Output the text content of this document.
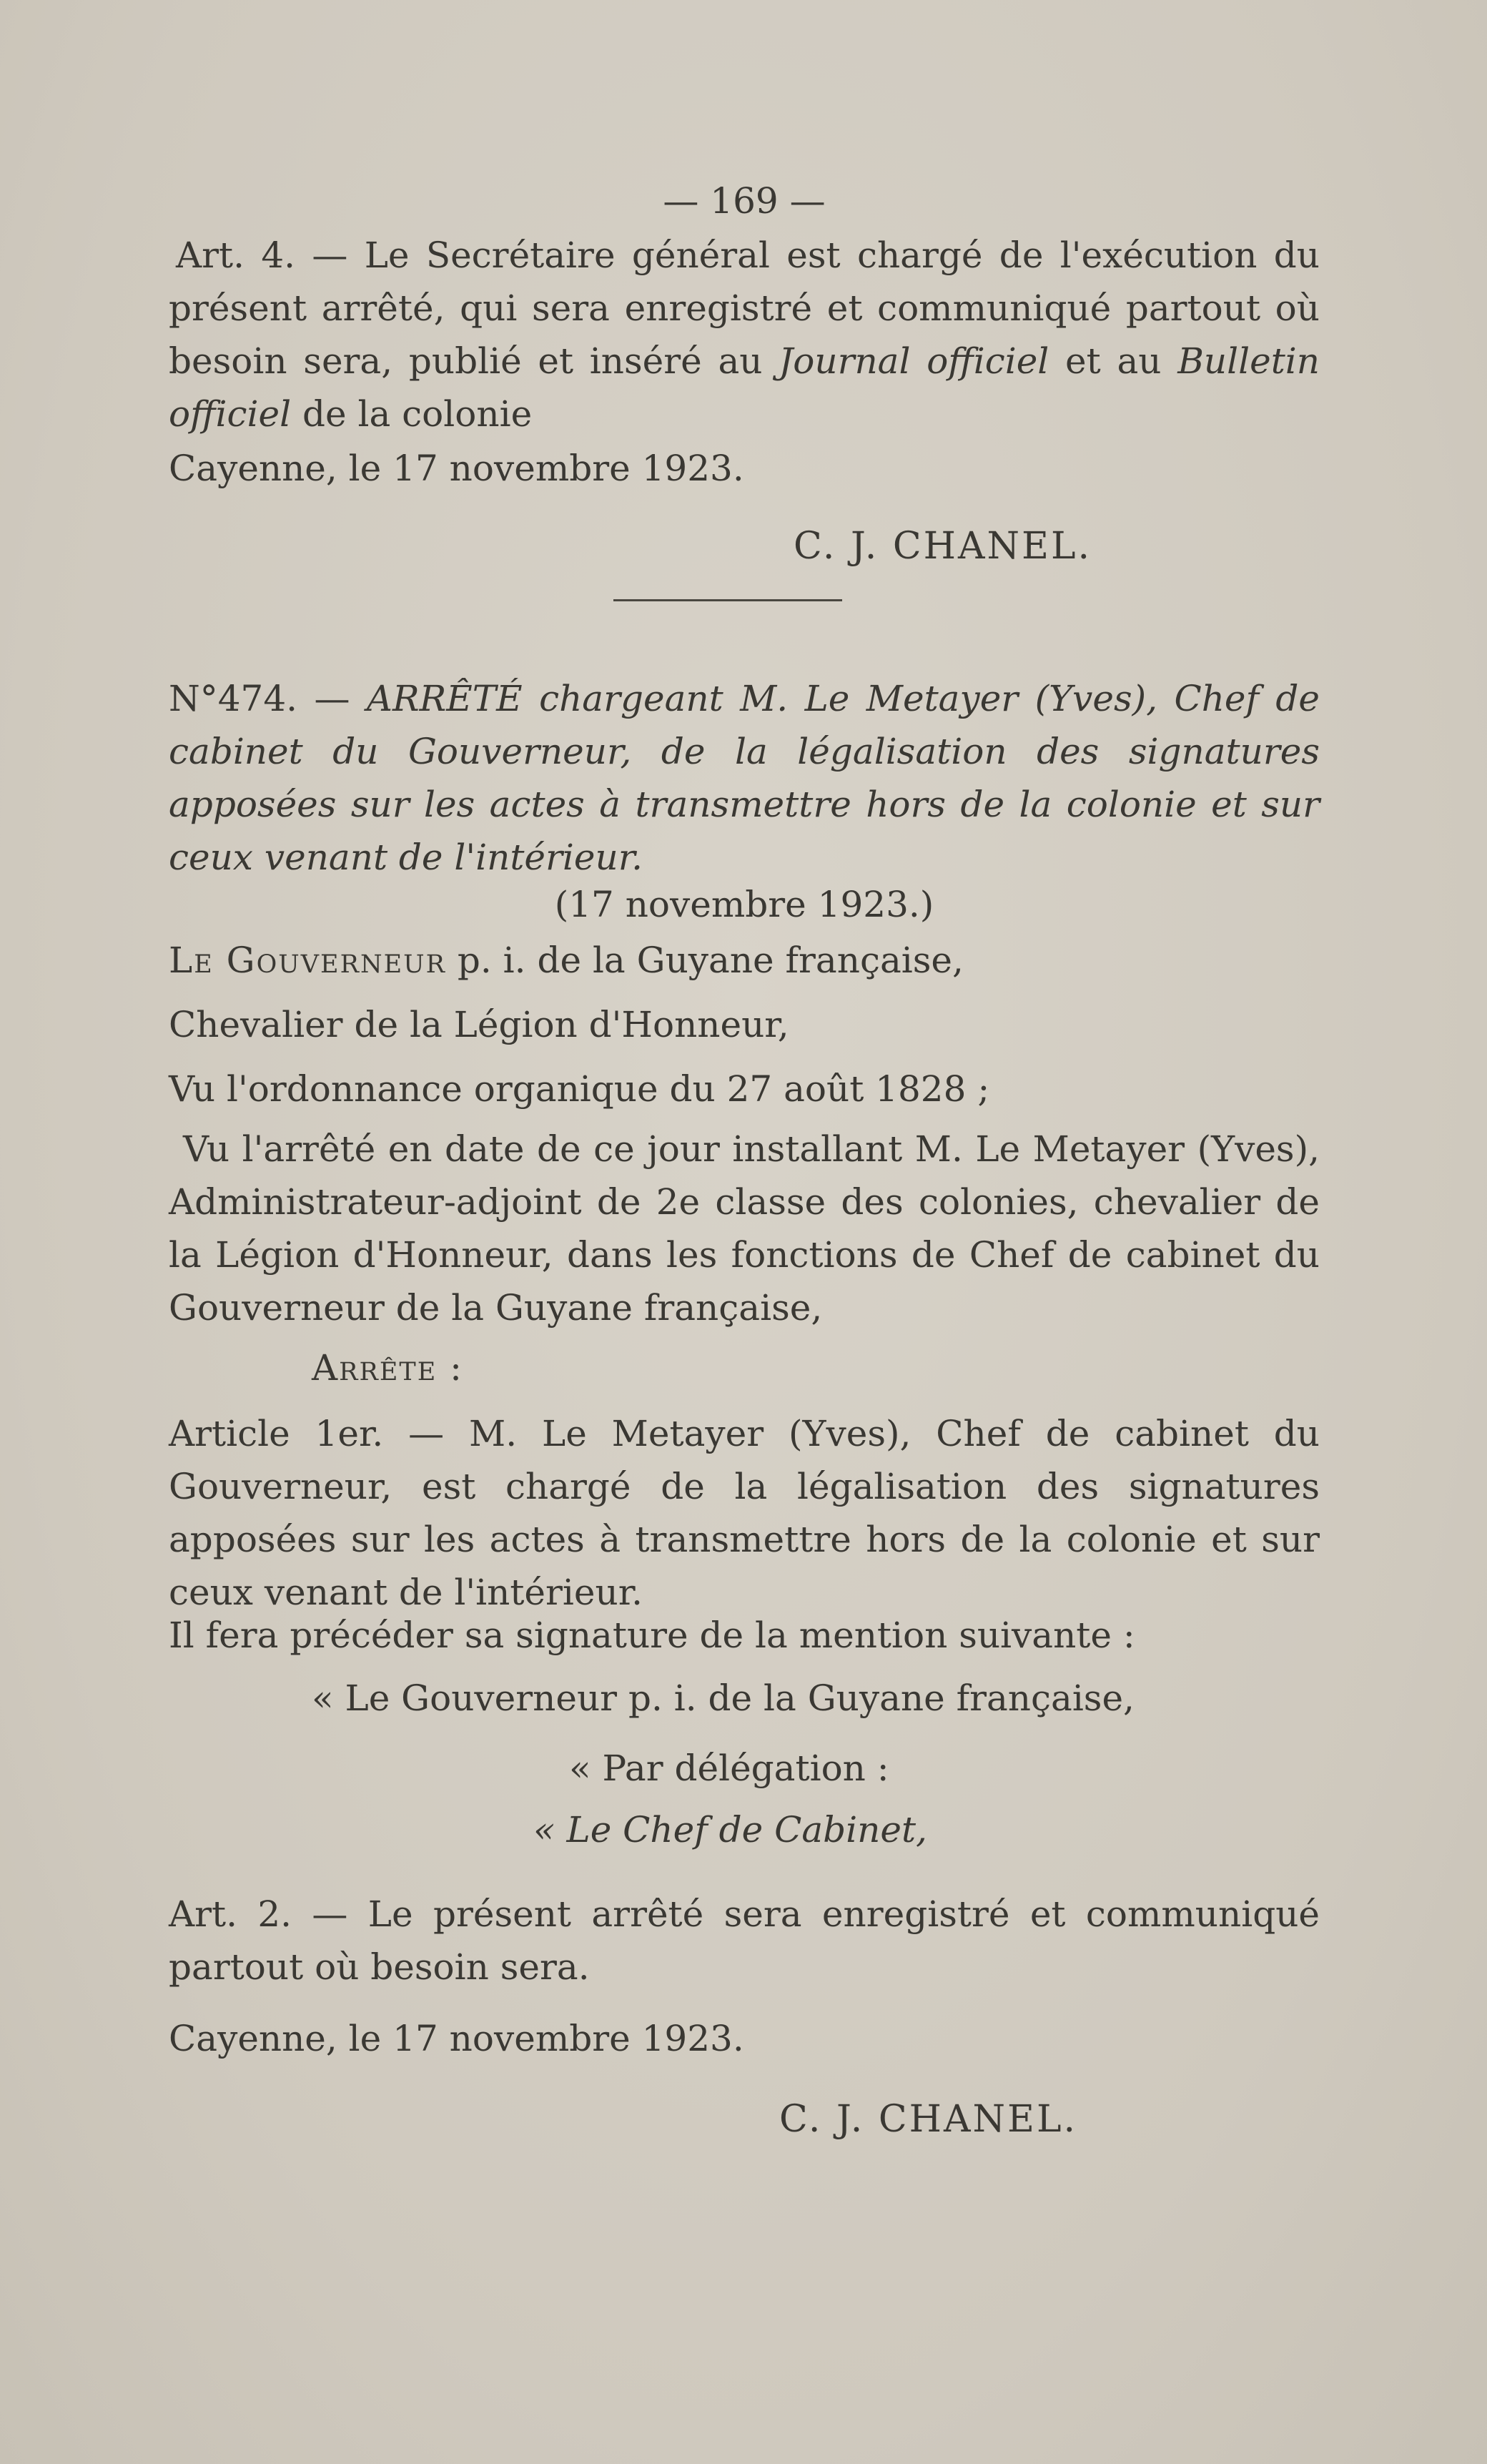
— 169 —

Art. 4. — Le Secrétaire général est chargé de l'exécution du présent arrêté, qui sera enregistré et communiqué partout où besoin sera, publié et inséré au Journal officiel et au Bulletin officiel de la colonie

Cayenne, le 17 novembre 1923.
C. J. CHANEL.

N°474. — ARRÊTÉ chargeant M. Le Metayer (Yves), Chef de cabinet du Gouverneur, de la légalisation des signatures apposées sur les actes à transmettre hors de la colonie et sur ceux venant de l'intérieur.

(17 novembre 1923.)
Le Gouverneur p. i. de la Guyane française,
Chevalier de la Légion d'Honneur,
Vu l'ordonnance organique du 27 août 1828 ;

Vu l'arrêté en date de ce jour installant M. Le Metayer (Yves), Administrateur-adjoint de 2e classe des colonies, chevalier de la Légion d'Honneur, dans les fonctions de Chef de cabinet du Gouverneur de la Guyane française,

Arrête :

Article 1er. — M. Le Metayer (Yves), Chef de cabinet du Gouverneur, est chargé de la légalisation des signatures apposées sur les actes à transmettre hors de la colonie et sur ceux venant de l'intérieur.

Il fera précéder sa signature de la mention suivante :
« Le Gouverneur p. i. de la Guyane française,
« Par délégation :
« Le Chef de Cabinet,

Art. 2. — Le présent arrêté sera enregistré et communiqué partout où besoin sera.

Cayenne, le 17 novembre 1923.
C. J. CHANEL.
